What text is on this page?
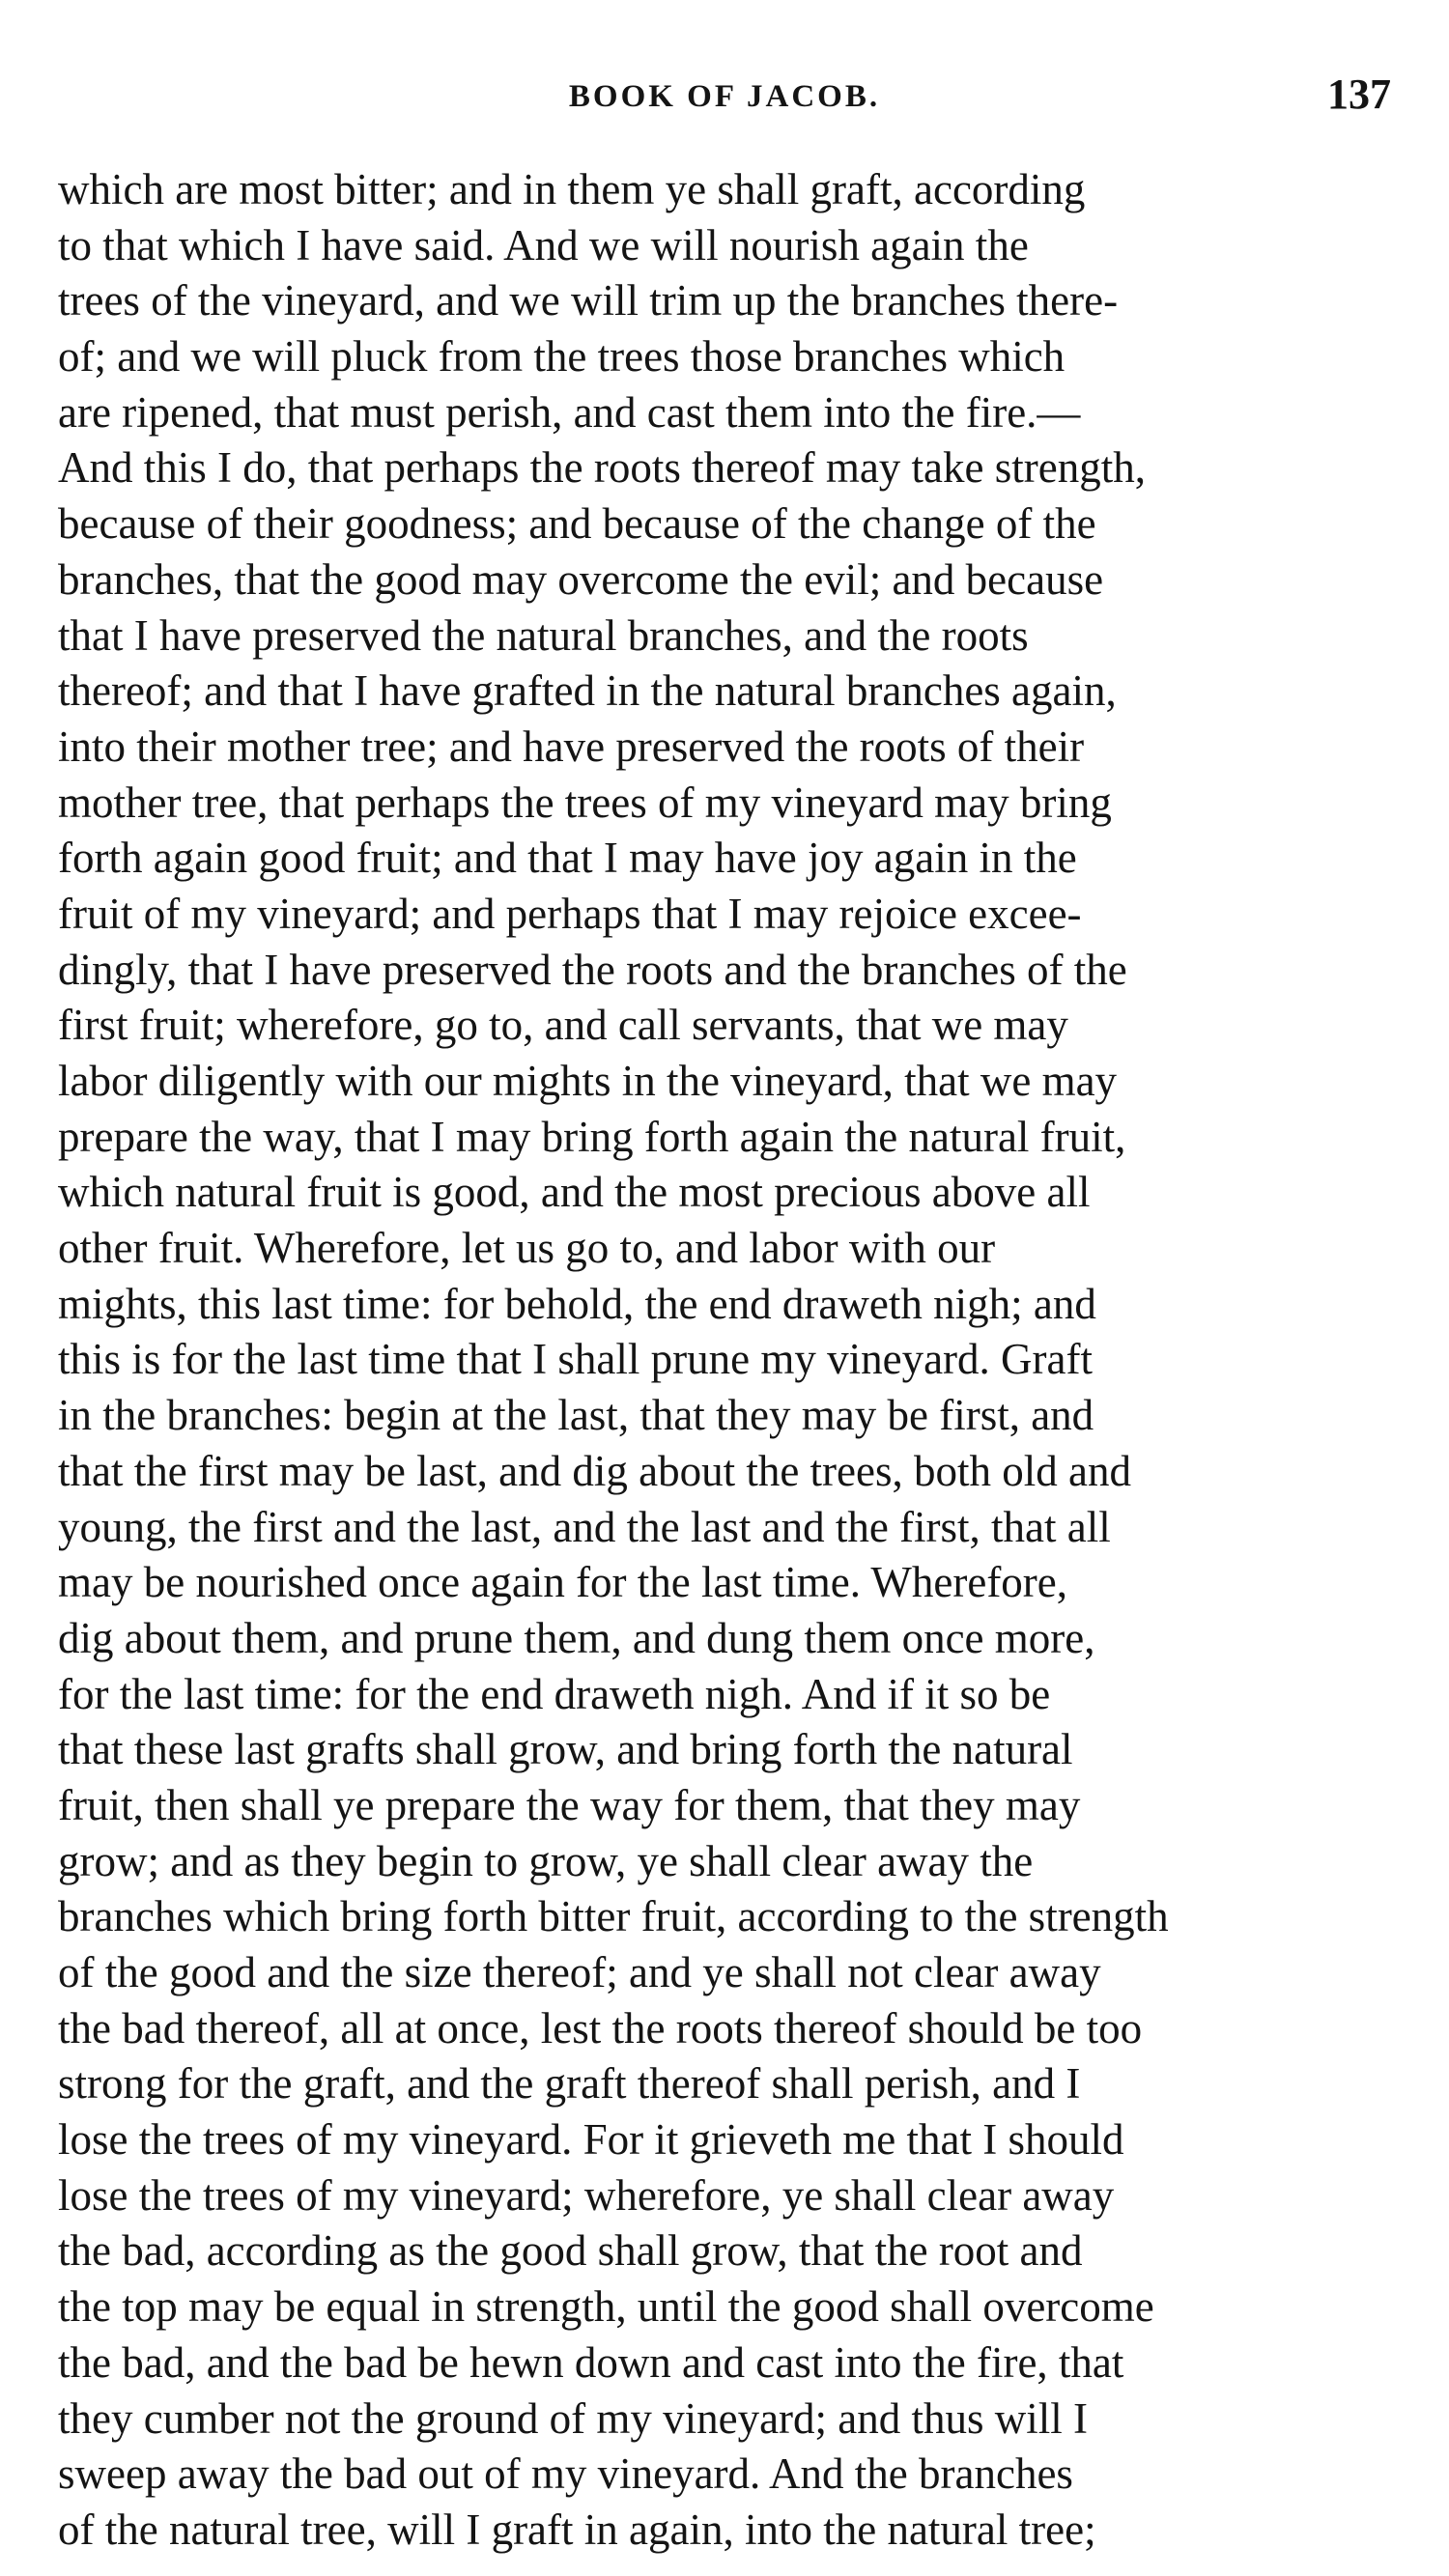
BOOK OF JACOB.	137
which are most bitter; and in them ye shall graft, according
to that which I have said. And we will nourish again the
trees of the vineyard, and we will trim up the branches there-
of; and we will pluck from the trees those branches which
are ripened, that must perish, and cast them into the fire.—
And this I do, that perhaps the roots thereof may take strength,
because of their goodness; and because of the change of the
branches, that the good may overcome the evil; and because
that I have preserved the natural branches, and the roots
thereof; and that I have grafted in the natural branches again,
into their mother tree; and have preserved the roots of their
mother tree, that perhaps the trees of my vineyard may bring
forth again good fruit; and that I may have joy again in the
fruit of my vineyard; and perhaps that I may rejoice excee-
dingly, that I have preserved the roots and the branches of the
first fruit; wherefore, go to, and call servants, that we may
labor diligently with our mights in the vineyard, that we may
prepare the way, that I may bring forth again the natural fruit,
which natural fruit is good, and the most precious above all
other fruit. Wherefore, let us go to, and labor with our
mights, this last time: for behold, the end draweth nigh; and
this is for the last time that I shall prune my vineyard. Graft
in the branches: begin at the last, that they may be first, and
that the first may be last, and dig about the trees, both old and
young, the first and the last, and the last and the first, that all
may be nourished once again for the last time. Wherefore,
dig about them, and prune them, and dung them once more,
for the last time: for the end draweth nigh. And if it so be
that these last grafts shall grow, and bring forth the natural
fruit, then shall ye prepare the way for them, that they may
grow; and as they begin to grow, ye shall clear away the
branches which bring forth bitter fruit, according to the strength
of the good and the size thereof; and ye shall not clear away
the bad thereof, all at once, lest the roots thereof should be too
strong for the graft, and the graft thereof shall perish, and I
lose the trees of my vineyard. For it grieveth me that I should
lose the trees of my vineyard; wherefore, ye shall clear away
the bad, according as the good shall grow, that the root and
the top may be equal in strength, until the good shall overcome
the bad, and the bad be hewn down and cast into the fire, that
they cumber not the ground of my vineyard; and thus will I
sweep away the bad out of my vineyard. And the branches
of the natural tree, will I graft in again, into the natural tree;
